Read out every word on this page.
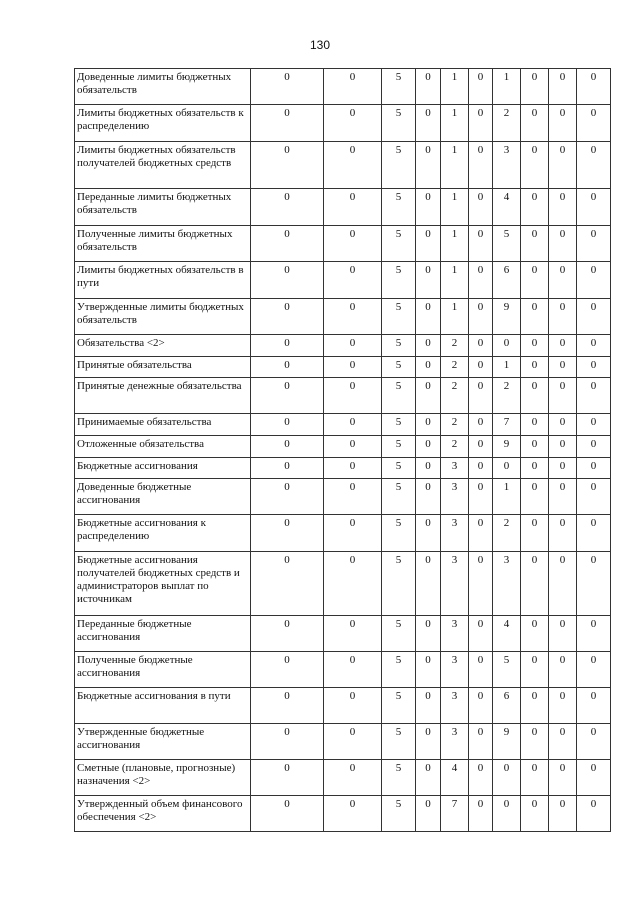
130
Доведенные лимиты бюджетных обязательств	0	0	5	0	1	0	1	0	0	0
Лимиты бюджетных обязательств к распределению	0	0	5	0	1	0	2	0	0	0
Лимиты бюджетных обязательств получателей бюджетных средств	0	0	5	0	1	0	3	0	0	0
Переданные лимиты бюджетных обязательств	0	0	5	0	1	0	4	0	0	0
Полученные лимиты бюджетных обязательств	0	0	5	0	1	0	5	0	0	0
Лимиты бюджетных обязательств в пути	0	0	5	0	1	0	6	0	0	0
Утвержденные лимиты бюджетных обязательств	0	0	5	0	1	0	9	0	0	0
Обязательства <2>	0	0	5	0	2	0	0	0	0	0
Принятые обязательства	0	0	5	0	2	0	1	0	0	0
Принятые денежные обязательства	0	0	5	0	2	0	2	0	0	0
Принимаемые обязательства	0	0	5	0	2	0	7	0	0	0
Отложенные обязательства	0	0	5	0	2	0	9	0	0	0
Бюджетные ассигнования	0	0	5	0	3	0	0	0	0	0
Доведенные бюджетные ассигнования	0	0	5	0	3	0	1	0	0	0
Бюджетные ассигнования к распределению	0	0	5	0	3	0	2	0	0	0
Бюджетные ассигнования получателей бюджетных средств и администраторов выплат по источникам	0	0	5	0	3	0	3	0	0	0
Переданные бюджетные ассигнования	0	0	5	0	3	0	4	0	0	0
Полученные бюджетные ассигнования	0	0	5	0	3	0	5	0	0	0
Бюджетные ассигнования в пути	0	0	5	0	3	0	6	0	0	0
Утвержденные бюджетные ассигнования	0	0	5	0	3	0	9	0	0	0
Сметные (плановые, прогнозные) назначения <2>	0	0	5	0	4	0	0	0	0	0
Утвержденный объем финансового обеспечения <2>	0	0	5	0	7	0	0	0	0	0
